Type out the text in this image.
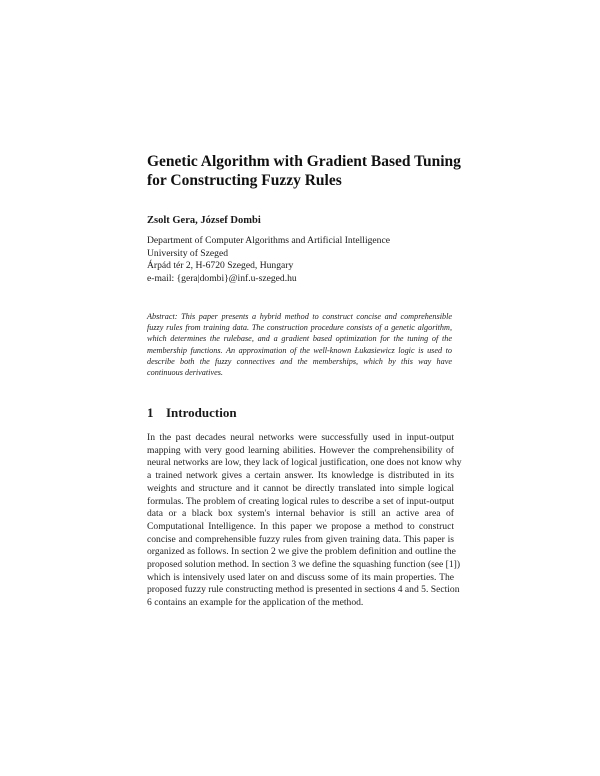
Genetic Algorithm with Gradient Based Tuning
for Constructing Fuzzy Rules
Zsolt Gera, József Dombi
Department of Computer Algorithms and Artificial Intelligence
University of Szeged
Árpád tér 2, H-6720 Szeged, Hungary
e-mail: {gera|dombi}@inf.u-szeged.hu
Abstract: This paper presents a hybrid method to construct concise and comprehensible
fuzzy rules from training data. The construction procedure consists of a genetic algorithm,
which determines the rulebase, and a gradient based optimization for the tuning of the
membership functions. An approximation of the well-known Łukasiewicz logic is used to
describe both the fuzzy connectives and the memberships, which by this way have
continuous derivatives.
1 Introduction
In the past decades neural networks were successfully used in input-output
mapping with very good learning abilities. However the comprehensibility of
neural networks are low, they lack of logical justification, one does not know why
a trained network gives a certain answer. Its knowledge is distributed in its
weights and structure and it cannot be directly translated into simple logical
formulas. The problem of creating logical rules to describe a set of input-output
data or a black box system's internal behavior is still an active area of
Computational Intelligence. In this paper we propose a method to construct
concise and comprehensible fuzzy rules from given training data. This paper is
organized as follows. In section 2 we give the problem definition and outline the
proposed solution method. In section 3 we define the squashing function (see [1])
which is intensively used later on and discuss some of its main properties. The
proposed fuzzy rule constructing method is presented in sections 4 and 5. Section
6 contains an example for the application of the method.
